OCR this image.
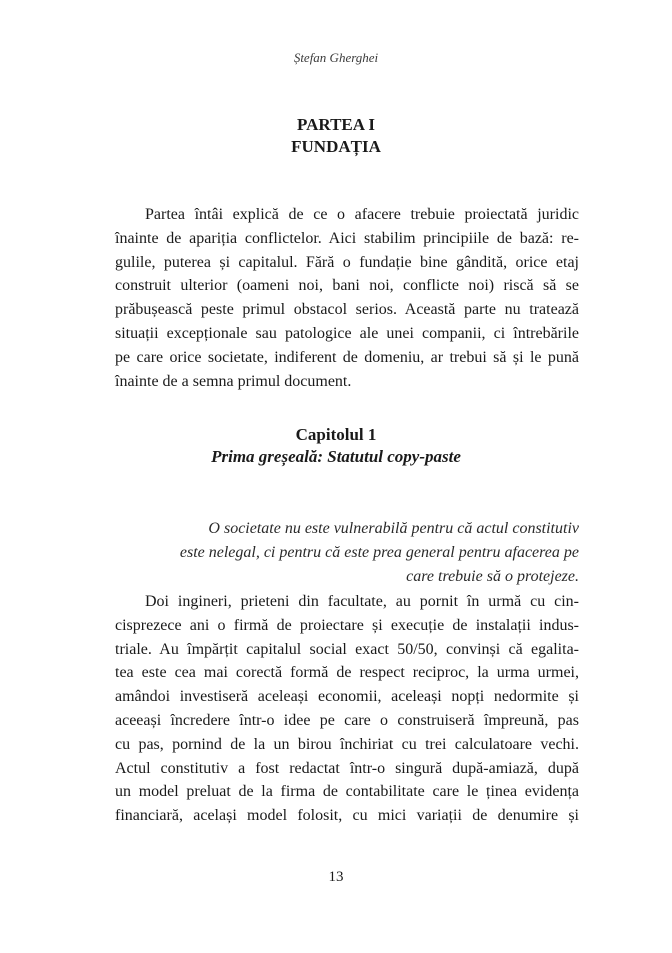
Ștefan Gherghei
PARTEA I
FUNDAȚIA
Partea întâi explică de ce o afacere trebuie proiectată juridic
înainte de apariția conflictelor. Aici stabilim principiile de bază: re-
gulile, puterea și capitalul. Fără o fundație bine gândită, orice etaj
construit ulterior (oameni noi, bani noi, conflicte noi) riscă să se
prăbușească peste primul obstacol serios. Această parte nu tratează
situații excepționale sau patologice ale unei companii, ci întrebările
pe care orice societate, indiferent de domeniu, ar trebui să și le pună
înainte de a semna primul document.
Capitolul 1
Prima greșeală: Statutul copy-paste
O societate nu este vulnerabilă pentru că actul constitutiv
este nelegal, ci pentru că este prea general pentru afacerea pe
care trebuie să o protejeze.
Doi ingineri, prieteni din facultate, au pornit în urmă cu cin-
cisprezece ani o firmă de proiectare și execuție de instalații indus-
triale. Au împărțit capitalul social exact 50/50, convinși că egalita-
tea este cea mai corectă formă de respect reciproc, la urma urmei,
amândoi investiseră aceleași economii, aceleași nopți nedormite și
aceeași încredere într-o idee pe care o construiseră împreună, pas
cu pas, pornind de la un birou închiriat cu trei calculatoare vechi.
Actul constitutiv a fost redactat într-o singură după-amiază, după
un model preluat de la firma de contabilitate care le ținea evidența
financiară, același model folosit, cu mici variații de denumire și
13
